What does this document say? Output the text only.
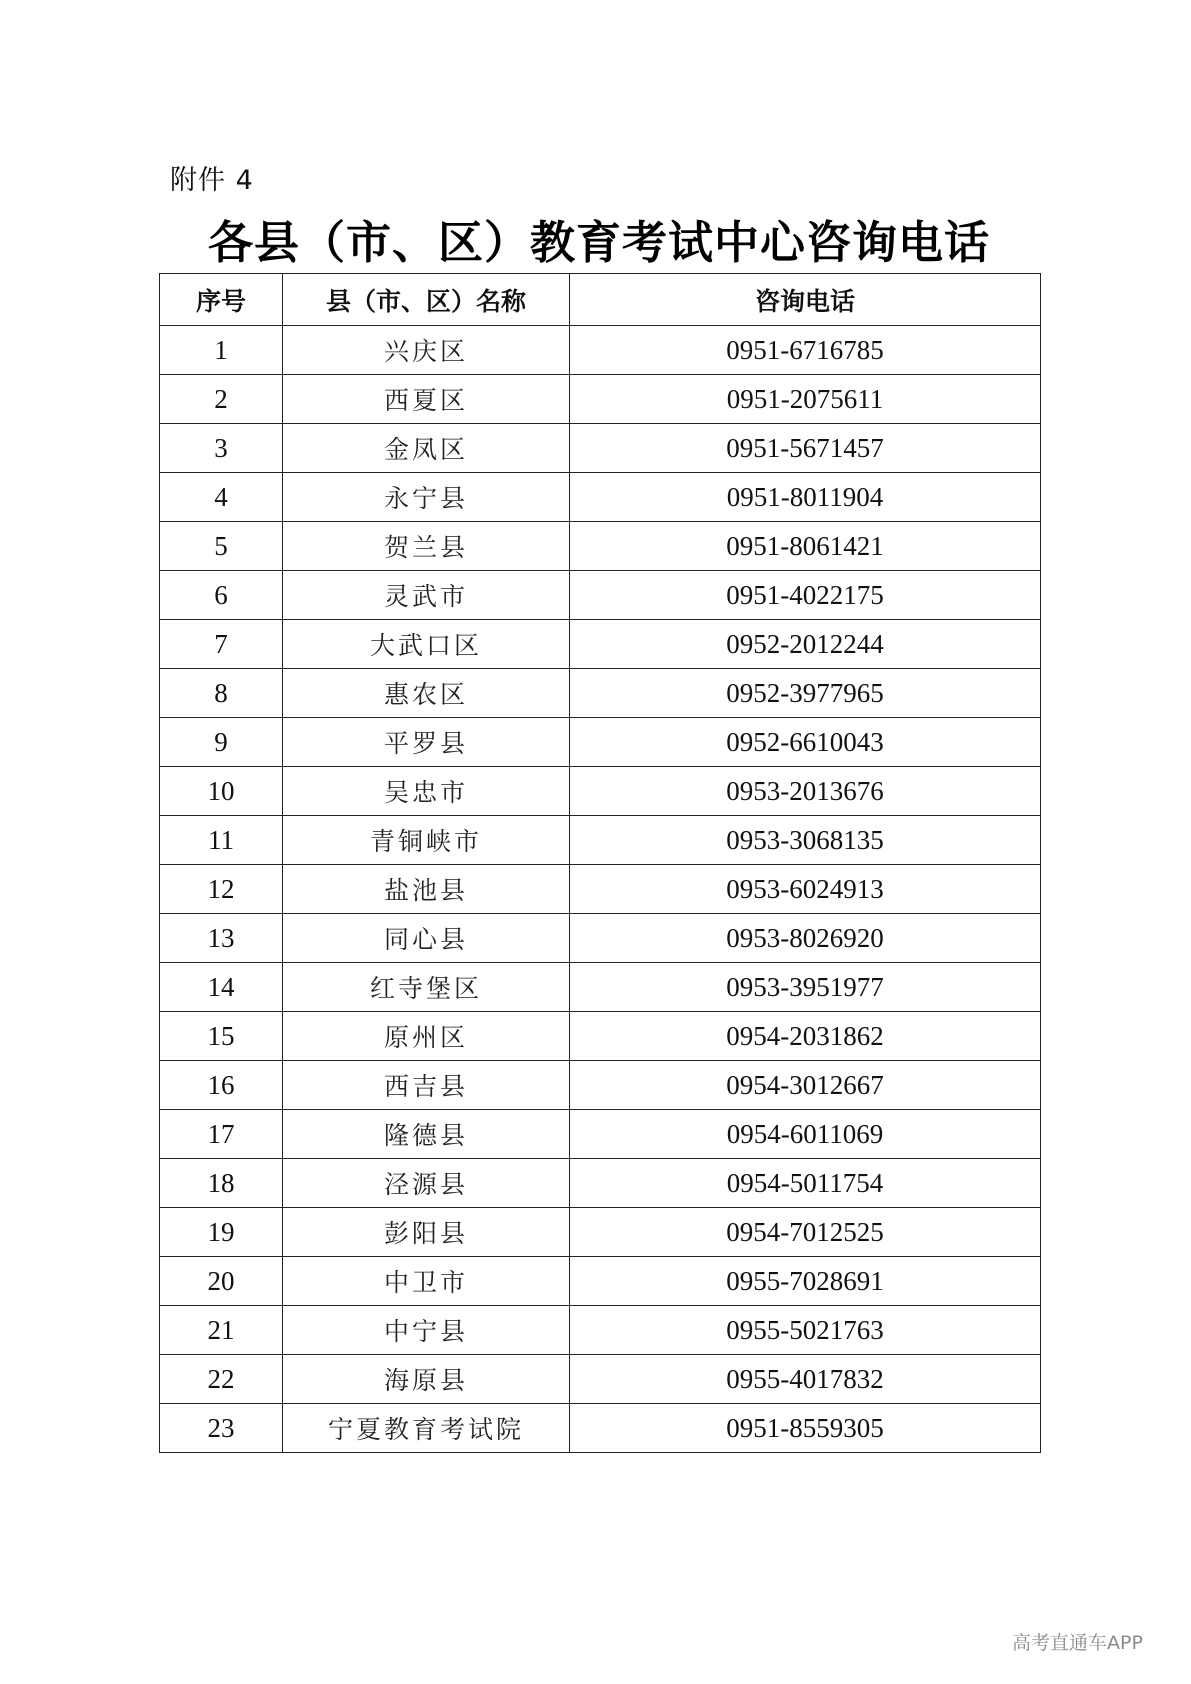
附件 4
各县（市、区）教育考试中心咨询电话
序号	县（市、区）名称	咨询电话
1	兴庆区	0951-6716785
2	西夏区	0951-2075611
3	金凤区	0951-5671457
4	永宁县	0951-8011904
5	贺兰县	0951-8061421
6	灵武市	0951-4022175
7	大武口区	0952-2012244
8	惠农区	0952-3977965
9	平罗县	0952-6610043
10	吴忠市	0953-2013676
11	青铜峡市	0953-3068135
12	盐池县	0953-6024913
13	同心县	0953-8026920
14	红寺堡区	0953-3951977
15	原州区	0954-2031862
16	西吉县	0954-3012667
17	隆德县	0954-6011069
18	泾源县	0954-5011754
19	彭阳县	0954-7012525
20	中卫市	0955-7028691
21	中宁县	0955-5021763
22	海原县	0955-4017832
23	宁夏教育考试院	0951-8559305
高考直通车APP
